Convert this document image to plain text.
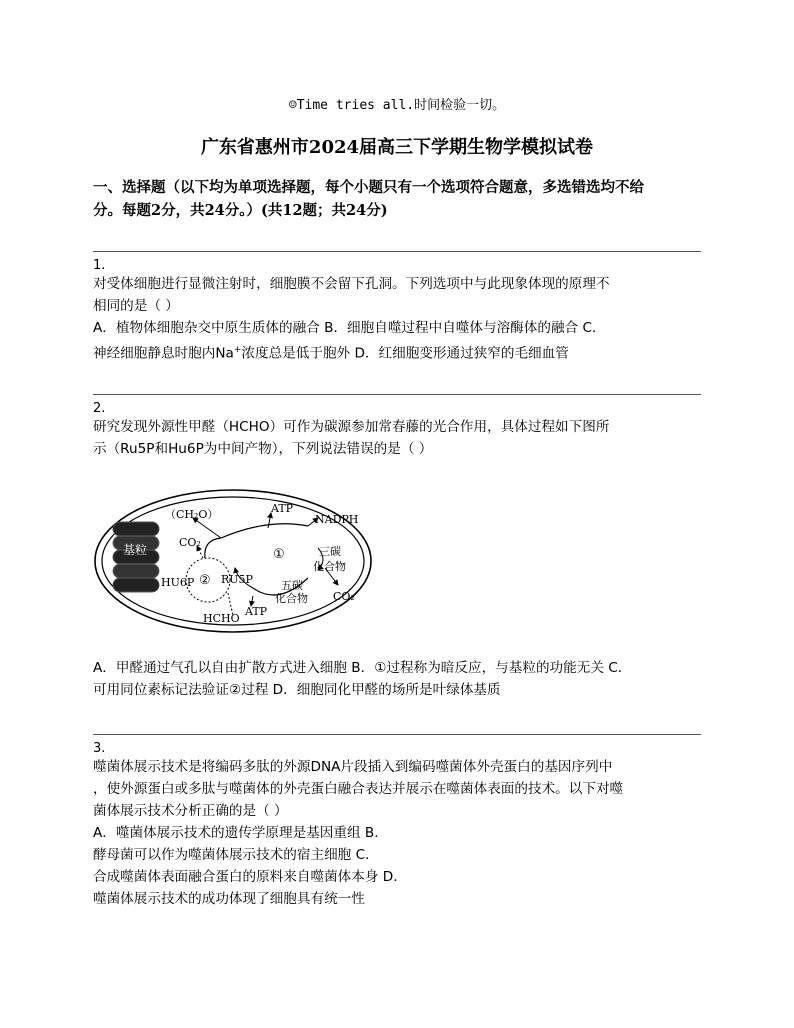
☺Time tries all.时间检验一切。
广东省惠州市2024届高三下学期生物学模拟试卷
一、选择题（以下均为单项选择题，每个小题只有一个选项符合题意，多选错选均不给
分。每题2分，共24分。）(共12题；共24分)
1.
对受体细胞进行显微注射时，细胞膜不会留下孔洞。下列选项中与此现象体现的原理不
相同的是（ ）
A．植物体细胞杂交中原生质体的融合 B．细胞自噬过程中自噬体与溶酶体的融合 C．
神经细胞静息时胞内Na+浓度总是低于胞外 D．红细胞变形通过狭窄的毛细血管
2.
研究发现外源性甲醛（HCHO）可作为碳源参加常春藤的光合作用，具体过程如下图所
示（Ru5P和Hu6P为中间产物），下列说法错误的是（ ）
基粒
（CH₂O）	ATP
NADPH
CO₂
①	三碳
化合物
HU6P ② RU5P	五碳
化合物 CO₂
ATP
HCHO
A．甲醛通过气孔以自由扩散方式进入细胞 B．①过程称为暗反应，与基粒的功能无关 C．
可用同位素标记法验证②过程 D．细胞同化甲醛的场所是叶绿体基质
3.
噬菌体展示技术是将编码多肽的外源DNA片段插入到编码噬菌体外壳蛋白的基因序列中
，使外源蛋白或多肽与噬菌体的外壳蛋白融合表达并展示在噬菌体表面的技术。以下对噬
菌体展示技术分析正确的是（ ）
A．噬菌体展示技术的遗传学原理是基因重组 B．
酵母菌可以作为噬菌体展示技术的宿主细胞 C．
合成噬菌体表面融合蛋白的原料来自噬菌体本身 D．
噬菌体展示技术的成功体现了细胞具有统一性
